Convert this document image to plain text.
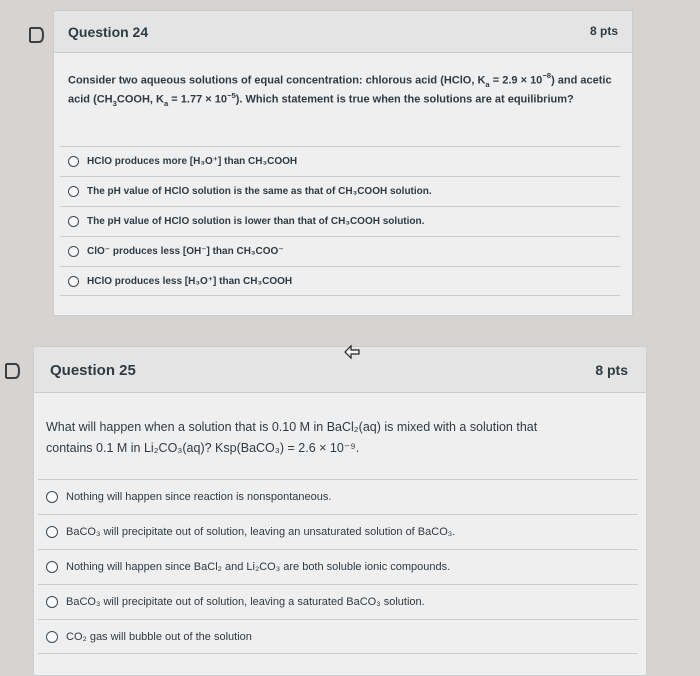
Question 24	8 pts
Consider two aqueous solutions of equal concentration: chlorous acid (HClO, $K_a = 2.9 \times 10^{-8}$) and acetic acid ($CH_3COOH$, $K_a = 1.77 \times 10^{-5}$). Which statement is true when the solutions are at equilibrium?
HClO produces more [H₃O⁺] than CH₃COOH
The pH value of HClO solution is the same as that of CH₃COOH solution.
The pH value of HClO solution is lower than that of CH₃COOH solution.
ClO⁻ produces less [OH⁻] than CH₃COO⁻
HClO produces less [H₃O⁺] than CH₃COOH
Question 25	8 pts
What will happen when a solution that is 0.10 M in BaCl₂(aq) is mixed with a solution that
contains 0.1 M in Li₂CO₃(aq)? Ksp(BaCO₃) = 2.6 × 10⁻⁹.
Nothing will happen since reaction is nonspontaneous.
BaCO₃ will precipitate out of solution, leaving an unsaturated solution of BaCO₃.
Nothing will happen since BaCl₂ and Li₂CO₃ are both soluble ionic compounds.
BaCO₃ will precipitate out of solution, leaving a saturated BaCO₃ solution.
CO₂ gas will bubble out of the solution
